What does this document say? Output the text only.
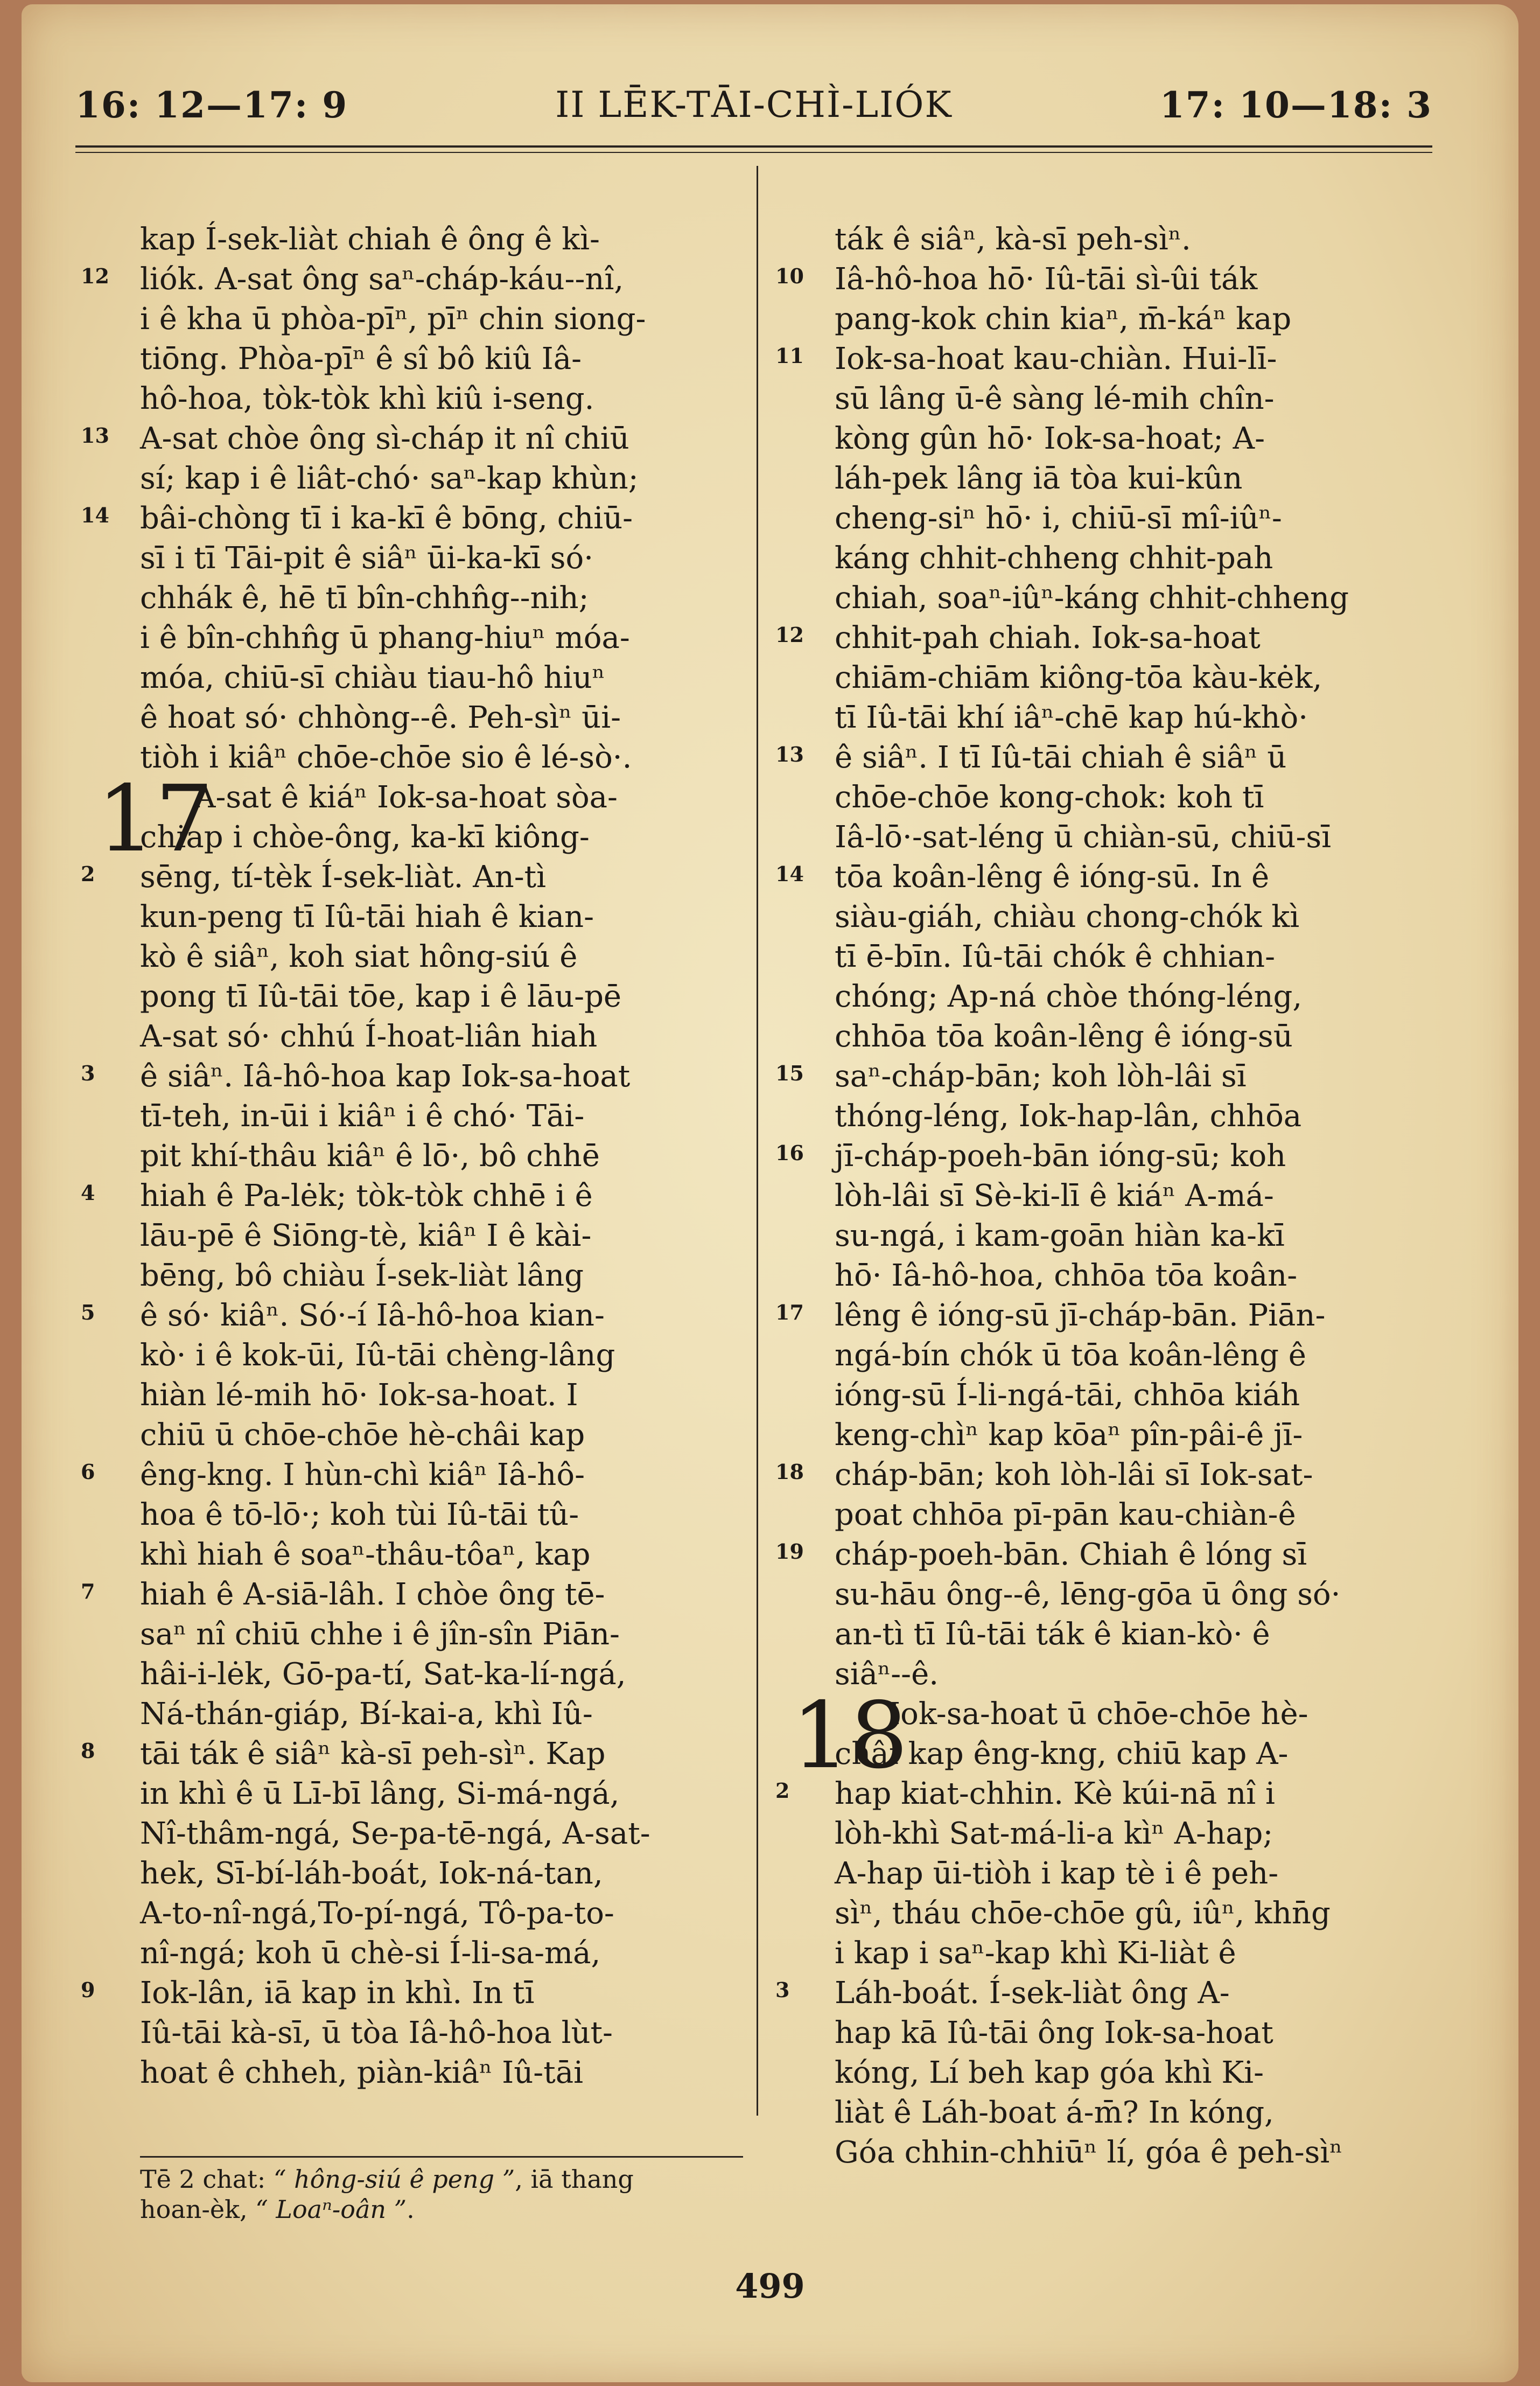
16: 12—17: 9	II LĒK-TĀI-CHÌ-LIÓK	17: 10—18: 3
kap Í-sek-liàt chiah ê ông ê kì-
12	liók. A-sat ông saⁿ-cháp-káu--nî,
i ê kha ū phòa-pīⁿ, pīⁿ chin siong-
tiōng. Phòa-pīⁿ ê sî bô kiû Iâ-
hô-hoa, tòk-tòk khì kiû i-seng.
13	A-sat chòe ông sì-cháp it nî chiū
sí; kap i ê liât-chó· saⁿ-kap khùn;
14	bâi-chòng tī i ka-kī ê bōng, chiū-
sī i tī Tāi-pit ê siâⁿ ūi-ka-kī só·
chhák ê, hē tī bîn-chhn̂g--nih;
i ê bîn-chhn̂g ū phang-hiuⁿ móa-
móa, chiū-sī chiàu tiau-hô hiuⁿ
ê hoat só· chhòng--ê. Peh-sìⁿ ūi-
tiòh i kiâⁿ chōe-chōe sio ê lé-sò·.
17
A-sat ê kiáⁿ Iok-sa-hoat sòa-
chiap i chòe-ông, ka-kī kiông-
2	sēng, tí-tèk Í-sek-liàt. An-tì
kun-peng tī Iû-tāi hiah ê kian-
kò ê siâⁿ, koh siat hông-siú ê
pong tī Iû-tāi tōe, kap i ê lāu-pē
A-sat só· chhú Í-hoat-liân hiah
3	ê siâⁿ. Iâ-hô-hoa kap Iok-sa-hoat
tī-teh, in-ūi i kiâⁿ i ê chó· Tāi-
pit khí-thâu kiâⁿ ê lō·, bô chhē
4	hiah ê Pa-lėk; tòk-tòk chhē i ê
lāu-pē ê Siōng-tè, kiâⁿ I ê kài-
bēng, bô chiàu Í-sek-liàt lâng
5	ê só· kiâⁿ. Só·-í Iâ-hô-hoa kian-
kò· i ê kok-ūi, Iû-tāi chèng-lâng
hiàn lé-mih hō· Iok-sa-hoat. I
chiū ū chōe-chōe hè-châi kap
6	êng-kng. I hùn-chì kiâⁿ Iâ-hô-
hoa ê tō-lō·; koh tùi Iû-tāi tû-
khì hiah ê soaⁿ-thâu-tôaⁿ, kap
7	hiah ê A-siā-lâh. I chòe ông tē-
saⁿ nî chiū chhe i ê jîn-sîn Piān-
hâi-i-lėk, Gō-pa-tí, Sat-ka-lí-ngá,
Ná-thán-giáp, Bí-kai-a, khì Iû-
8	tāi ták ê siâⁿ kà-sī peh-sìⁿ. Kap
in khì ê ū Lī-bī lâng, Si-má-ngá,
Nî-thâm-ngá, Se-pa-tē-ngá, A-sat-
hek, Sī-bí-láh-boát, Iok-ná-tan,
A-to-nî-ngá,To-pí-ngá, Tô-pa-to-
nî-ngá; koh ū chè-si Í-li-sa-má,
9	Iok-lân, iā kap in khì. In tī
Iû-tāi kà-sī, ū tòa Iâ-hô-hoa lùt-
hoat ê chheh, piàn-kiâⁿ Iû-tāi
ták ê siâⁿ, kà-sī peh-sìⁿ.
10	Iâ-hô-hoa hō· Iû-tāi sì-ûi ták
pang-kok chin kiaⁿ, m̄-káⁿ kap
11	Iok-sa-hoat kau-chiàn. Hui-lī-
sū lâng ū-ê sàng lé-mih chîn-
kòng gûn hō· Iok-sa-hoat; A-
láh-pek lâng iā tòa kui-kûn
cheng-siⁿ hō· i, chiū-sī mî-iûⁿ-
káng chhit-chheng chhit-pah
chiah, soaⁿ-iûⁿ-káng chhit-chheng
12	chhit-pah chiah. Iok-sa-hoat
chiām-chiām kiông-tōa kàu-kėk,
tī Iû-tāi khí iâⁿ-chē kap hú-khò·
13	ê siâⁿ. I tī Iû-tāi chiah ê siâⁿ ū
chōe-chōe kong-chok: koh tī
Iâ-lō·-sat-léng ū chiàn-sū, chiū-sī
14	tōa koân-lêng ê ióng-sū. In ê
siàu-giáh, chiàu chong-chók kì
tī ē-bīn. Iû-tāi chók ê chhian-
chóng; Ap-ná chòe thóng-léng,
chhōa tōa koân-lêng ê ióng-sū
15	saⁿ-cháp-bān; koh lòh-lâi sī
thóng-léng, Iok-hap-lân, chhōa
16	jī-cháp-poeh-bān ióng-sū; koh
lòh-lâi sī Sè-ki-lī ê kiáⁿ A-má-
su-ngá, i kam-goān hiàn ka-kī
hō· Iâ-hô-hoa, chhōa tōa koân-
17	lêng ê ióng-sū jī-cháp-bān. Piān-
ngá-bín chók ū tōa koân-lêng ê
ióng-sū Í-li-ngá-tāi, chhōa kiáh
keng-chìⁿ kap kōaⁿ pîn-pâi-ê jī-
18	cháp-bān; koh lòh-lâi sī Iok-sat-
poat chhōa pī-pān kau-chiàn-ê
19	cháp-poeh-bān. Chiah ê lóng sī
su-hāu ông--ê, lēng-gōa ū ông só·
an-tì tī Iû-tāi ták ê kian-kò· ê
siâⁿ--ê.
18
Iok-sa-hoat ū chōe-chōe hè-
châi kap êng-kng, chiū kap A-
2	hap kiat-chhin. Kè kúi-nā nî i
lòh-khì Sat-má-li-a kìⁿ A-hap;
A-hap ūi-tiòh i kap tè i ê peh-
sìⁿ, tháu chōe-chōe gû, iûⁿ, khn̄g
i kap i saⁿ-kap khì Ki-liàt ê
3	Láh-boát. Í-sek-liàt ông A-
hap kā Iû-tāi ông Iok-sa-hoat
kóng, Lí beh kap góa khì Ki-
liàt ê Láh-boat á-m̄? In kóng,
Góa chhin-chhiūⁿ lí, góa ê peh-sìⁿ
Tē 2 chat: “ hông-siú ê peng ”, iā thang
hoan-èk, “ Loaⁿ-oân ”.
499
